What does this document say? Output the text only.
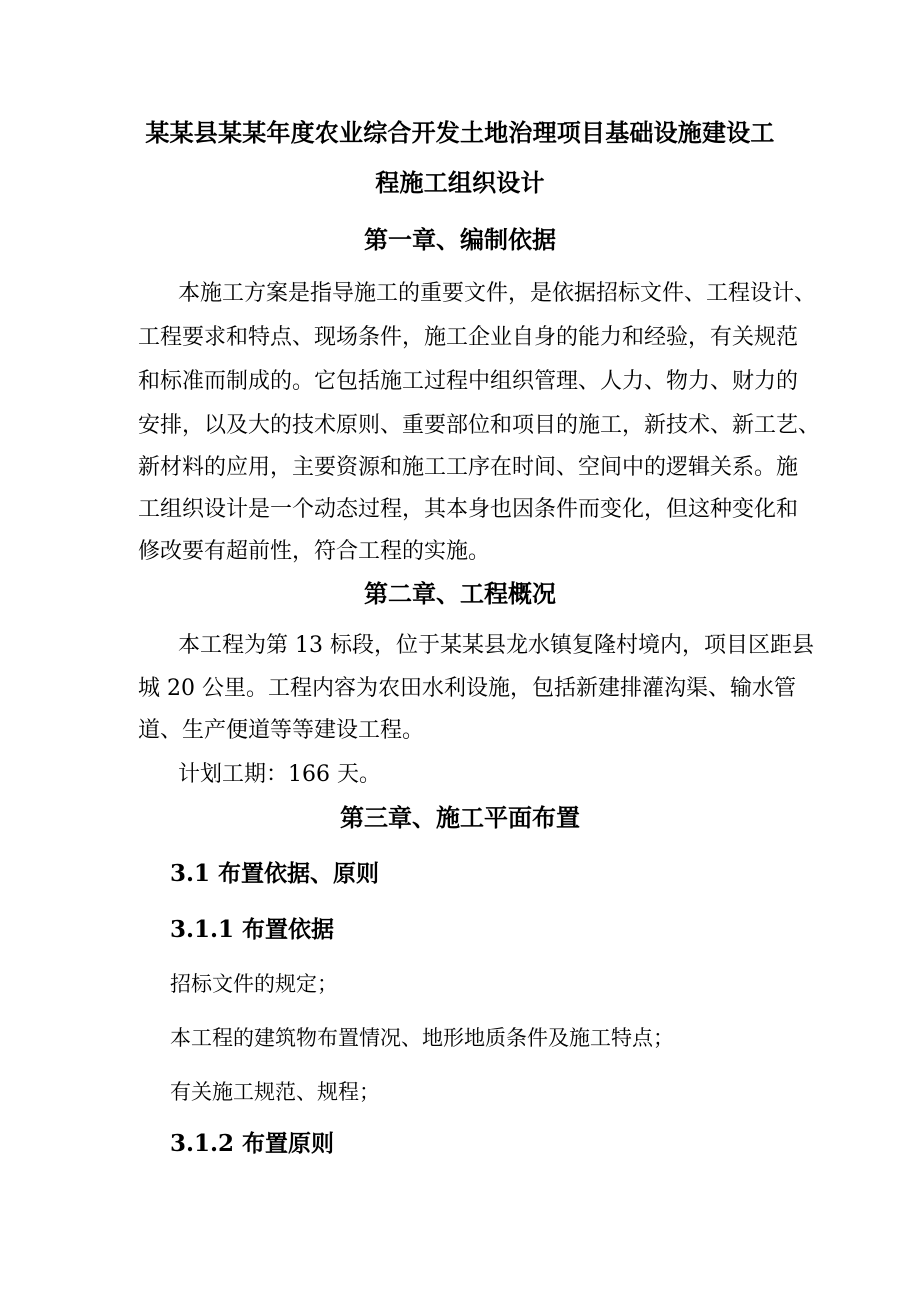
某某县某某年度农业综合开发土地治理项目基础设施建设工
程施工组织设计
第一章、编制依据
本施工方案是指导施工的重要文件，是依据招标文件、工程设计、
工程要求和特点、现场条件，施工企业自身的能力和经验，有关规范
和标准而制成的。它包括施工过程中组织管理、人力、物力、财力的
安排，以及大的技术原则、重要部位和项目的施工，新技术、新工艺、
新材料的应用，主要资源和施工工序在时间、空间中的逻辑关系。施
工组织设计是一个动态过程，其本身也因条件而变化，但这种变化和
修改要有超前性，符合工程的实施。
第二章、工程概况
本工程为第 13 标段，位于某某县龙水镇复隆村境内，项目区距县
城 20 公里。工程内容为农田水利设施，包括新建排灌沟渠、输水管
道、生产便道等等建设工程。
计划工期：166 天。
第三章、施工平面布置
3.1 布置依据、原则
3.1.1 布置依据
招标文件的规定；
本工程的建筑物布置情况、地形地质条件及施工特点；
有关施工规范、规程；
3.1.2 布置原则
